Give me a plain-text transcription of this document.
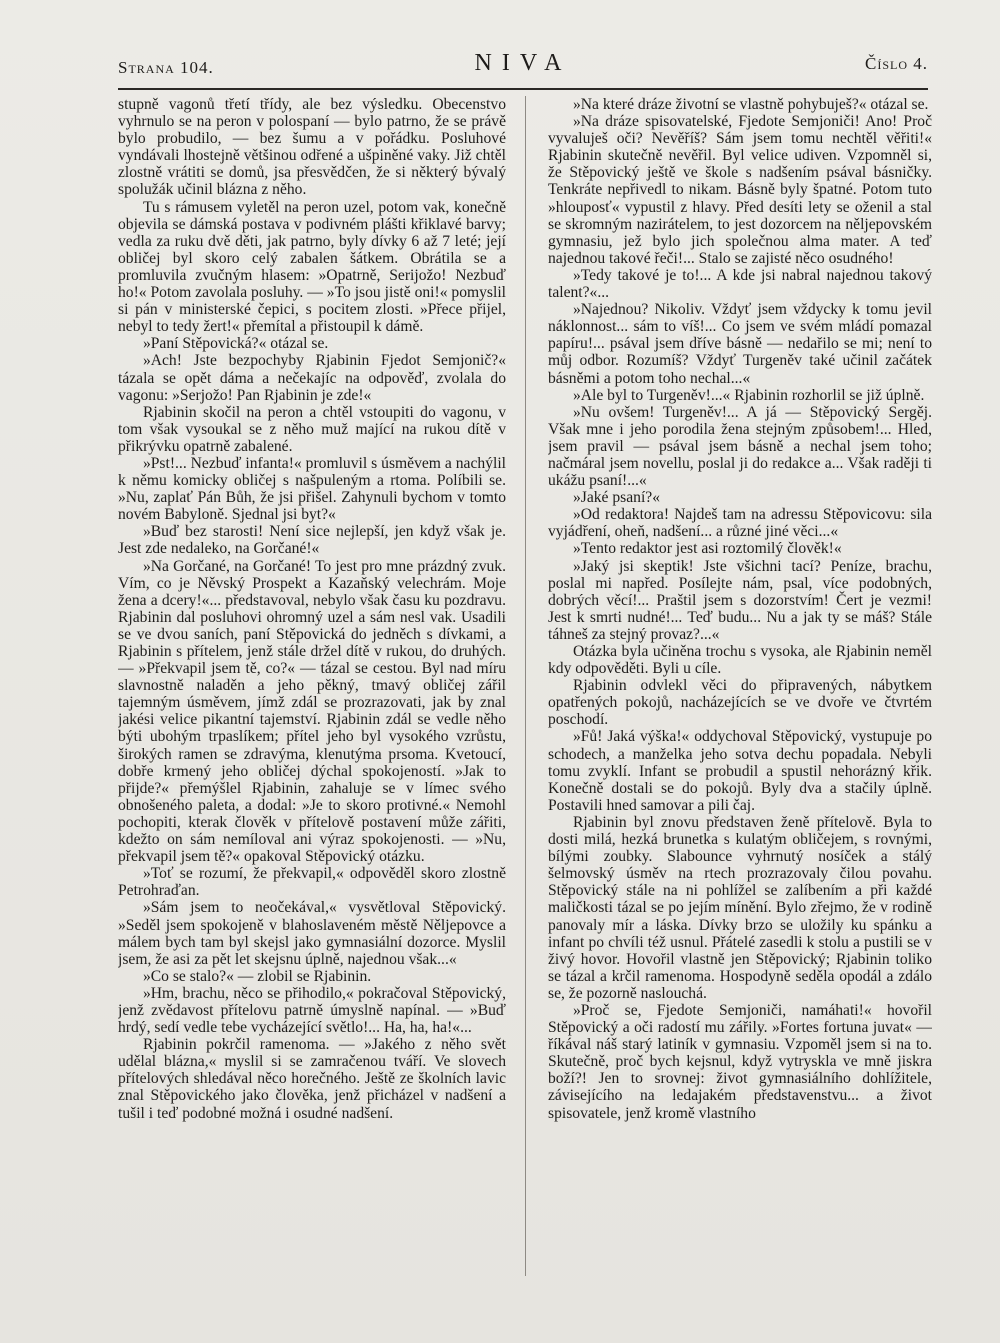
Strana 104.	NIVA	Číslo 4.

stupně vagonů třetí třídy, ale bez výsledku. Obecenstvo vyhrnulo se na peron v polospaní — bylo patrno, že se právě bylo probudilo, — bez šumu a v pořádku. Posluhové vyndávali lhostejně většinou odřené a ušpiněné vaky. Již chtěl zlostně vrátiti se domů, jsa přesvědčen, že si některý bývalý spolužák učinil blázna z něho.

Tu s rámusem vyletěl na peron uzel, potom vak, konečně objevila se dámská postava v podivném plášti křiklavé barvy; vedla za ruku dvě děti, jak patrno, byly dívky 6 až 7 leté; její obličej byl skoro celý zabalen šátkem. Obrátila se a promluvila zvučným hlasem: »Opatrně, Serijožo! Nezbuď ho!« Potom zavolala posluhy. — »To jsou jistě oni!« pomyslil si pán v ministerské čepici, s pocitem zlosti. »Přece přijel, nebyl to tedy žert!« přemítal a přistoupil k dámě.

»Paní Stěpovická?« otázal se.

»Ach! Jste bezpochyby Rjabinin Fjedot Semjonič?« tázala se opět dáma a nečekajíc na odpověď, zvolala do vagonu: »Serjožo! Pan Rjabinin je zde!«

Rjabinin skočil na peron a chtěl vstoupiti do vagonu, v tom však vysoukal se z něho muž mající na rukou dítě v přikrývku opatrně zabalené.

»Pst!... Nezbuď infanta!« promluvil s úsměvem a nachýlil k němu komicky obličej s našpuleným a rtoma. Políbili se. »Nu, zaplať Pán Bůh, že jsi přišel. Zahynuli bychom v tomto novém Babyloně. Sjednal jsi byt?«

»Buď bez starosti! Není sice nejlepší, jen když však je. Jest zde nedaleko, na Gorčané!«

»Na Gorčané, na Gorčané! To jest pro mne prázdný zvuk. Vím, co je Něvský Prospekt a Kazaňský velechrám. Moje žena a dcery!«... představoval, nebylo však času ku pozdravu. Rjabinin dal posluhovi ohromný uzel a sám nesl vak. Usadili se ve dvou saních, paní Stěpovická do jedněch s dívkami, a Rjabinin s přítelem, jenž stále držel dítě v rukou, do druhých. — »Překvapil jsem tě, co?« — tázal se cestou. Byl nad míru slavnostně naladěn a jeho pěkný, tmavý obličej zářil tajemným úsměvem, jímž zdál se prozrazovati, jak by znal jakési velice pikantní tajemství. Rjabinin zdál se vedle něho býti ubohým trpaslíkem; přítel jeho byl vysokého vzrůstu, širokých ramen se zdravýma, klenutýma prsoma. Kvetoucí, dobře krmený jeho obličej dýchal spokojeností. »Jak to přijde?« přemýšlel Rjabinin, zahaluje se v límec svého obnošeného paleta, a dodal: »Je to skoro protivné.« Nemohl pochopiti, kterak člověk v přítelově postavení může zářiti, kdežto on sám nemíloval ani výraz spokojenosti. — »Nu, překvapil jsem tě?« opakoval Stěpovický otázku.

»Toť se rozumí, že překvapil,« odpověděl skoro zlostně Petrohraďan.

»Sám jsem to neočekával,« vysvětloval Stěpovický. »Seděl jsem spokojeně v blahoslaveném městě Něljepovce a málem bych tam byl skejsl jako gymnasiální dozorce. Myslil jsem, že asi za pět let skejsnu úplně, najednou však...«

»Co se stalo?« — zlobil se Rjabinin.

»Hm, brachu, něco se přihodilo,« pokračoval Stěpovický, jenž zvědavost přítelovu patrně úmyslně napínal. — »Buď hrdý, sedí vedle tebe vycházející světlo!... Ha, ha, ha!«...

Rjabinin pokrčil ramenoma. — »Jakého z něho svět udělal blázna,« myslil si se zamračenou tváří. Ve slovech přítelových shledával něco horečného. Ještě ze školních lavic znal Stěpovického jako člověka, jenž přicházel v nadšení a tušil i teď podobné možná i osudné nadšení.

»Na které dráze životní se vlastně pohybuješ?« otázal se.

»Na dráze spisovatelské, Fjedote Semjoniči! Ano! Proč vyvaluješ oči? Nevěříš? Sám jsem tomu nechtěl věřiti!« Rjabinin skutečně nevěřil. Byl velice udiven. Vzpomněl si, že Stěpovický ještě ve škole s nadšením psával básničky. Tenkráte nepřivedl to nikam. Básně byly špatné. Potom tuto »hlouposť« vypustil z hlavy. Před desíti lety se oženil a stal se skromným nazirátelem, to jest dozorcem na něljepovském gymnasiu, jež bylo jich společnou alma mater. A teď najednou takové řeči!... Stalo se zajisté něco osudného!

»Tedy takové je to!... A kde jsi nabral najednou takový talent?«...

»Najednou? Nikoliv. Vždyť jsem vždycky k tomu jevil náklonnost... sám to víš!... Co jsem ve svém mládí pomazal papíru!... psával jsem dříve básně — nedařilo se mi; není to můj odbor. Rozumíš? Vždyť Turgeněv také učinil začátek básněmi a potom toho nechal...«

»Ale byl to Turgeněv!...« Rjabinin rozhorlil se již úplně.

»Nu ovšem! Turgeněv!... A já — Stěpovický Sergěj. Však mne i jeho porodila žena stejným způsobem!... Hled, jsem pravil — psával jsem básně a nechal jsem toho; načmáral jsem novellu, poslal ji do redakce a... Však raději ti ukážu psaní!...«

»Jaké psaní?«

»Od redaktora! Najdeš tam na adressu Stěpovicovu: sila vyjádření, oheň, nadšení... a různé jiné věci...«

»Tento redaktor jest asi roztomilý člověk!«

»Jaký jsi skeptik! Jste všichni tací? Peníze, brachu, poslal mi napřed. Posílejte nám, psal, více podobných, dobrých věcí!... Praštil jsem s dozorstvím! Čert je vezmi! Jest k smrti nudné!... Teď budu... Nu a jak ty se máš? Stále táhneš za stejný provaz?...«

Otázka byla učiněna trochu s vysoka, ale Rjabinin neměl kdy odpověděti. Byli u cíle.

Rjabinin odvlekl věci do připravených, nábytkem opatřených pokojů, nacházejících se ve dvoře ve čtvrtém poschodí.

»Fů! Jaká výška!« oddychoval Stěpovický, vystupuje po schodech, a manželka jeho sotva dechu popadala. Nebyli tomu zvyklí. Infant se probudil a spustil nehorázný křik. Konečně dostali se do pokojů. Byly dva a stačily úplně. Postavili hned samovar a pili čaj.

Rjabinin byl znovu představen ženě přítelově. Byla to dosti milá, hezká brunetka s kulatým obličejem, s rovnými, bílými zoubky. Slabounce vyhrnutý nosíček a stálý šelmovský úsměv na rtech prozrazovaly čilou povahu. Stěpovický stále na ni pohlížel se zalíbením a při každé maličkosti tázal se po jejím mínění. Bylo zřejmo, že v rodině panovaly mír a láska. Dívky brzo se uložily ku spánku a infant po chvíli též usnul. Přátelé zasedli k stolu a pustili se v živý hovor. Hovořil vlastně jen Stěpovický; Rjabinin toliko se tázal a krčil ramenoma. Hospodyně seděla opodál a zdálo se, že pozorně naslouchá.

»Proč se, Fjedote Semjoniči, namáhati!« hovořil Stěpovický a oči radostí mu zářily. »Fortes fortuna juvat« — říkával náš starý latiník v gymnasiu. Vzpoměl jsem si na to. Skutečně, proč bych kejsnul, když vytryskla ve mně jiskra boží?! Jen to srovnej: život gymnasiálního dohlížitele, závisejícího na ledajakém představenstvu... a život spisovatele, jenž kromě vlastního
